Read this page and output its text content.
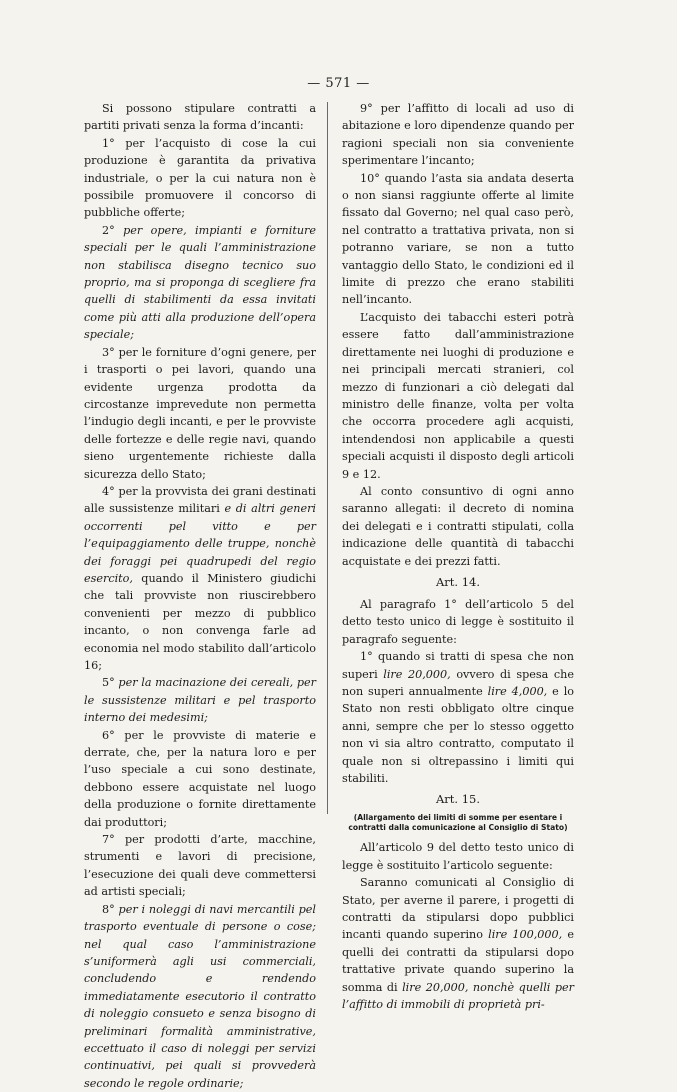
— 571 —

Si possono stipulare contratti a partiti privati senza la forma d’incanti:

1° per l’acquisto di cose la cui produzione è garantita da privativa industriale, o per la cui natura non è possibile promuovere il concorso di pubbliche offerte;

2° per opere, impianti e forniture speciali per le quali l’amministrazione non stabilisca disegno tecnico suo proprio, ma si proponga di scegliere fra quelli di stabilimenti da essa invitati come più atti alla produzione dell’opera speciale;

3° per le forniture d’ogni genere, per i trasporti o pei lavori, quando una evidente urgenza prodotta da circostanze imprevedute non permetta l’indugio degli incanti, e per le provviste delle fortezze e delle regie navi, quando sieno urgentemente richieste dalla sicurezza dello Stato;

4° per la provvista dei grani destinati alle sussistenze militari e di altri generi occorrenti pel vitto e per l’equipaggiamento delle truppe, nonchè dei foraggi pei quadrupedi del regio esercito, quando il Ministero giudichi che tali provviste non riuscirebbero convenienti per mezzo di pubblico incanto, o non convenga farle ad economia nel modo stabilito dall’articolo 16;

5° per la macinazione dei cereali, per le sussistenze militari e pel trasporto interno dei medesimi;

6° per le provviste di materie e derrate, che, per la natura loro e per l’uso speciale a cui sono destinate, debbono essere acquistate nel luogo della produzione o fornite direttamente dai produttori;

7° per prodotti d’arte, macchine, strumenti e lavori di precisione, l’esecuzione dei quali deve commettersi ad artisti speciali;

8° per i noleggi di navi mercantili pel trasporto eventuale di persone o cose; nel qual caso l’amministrazione s’uniformerà agli usi commerciali, concludendo e rendendo immediatamente esecutorio il contratto di noleggio consueto e senza bisogno di preliminari formalità amministrative, eccettuato il caso di noleggi per servizi continuativi, pei quali si provvederà secondo le regole ordinarie;

9° per l’affitto di locali ad uso di abitazione e loro dipendenze quando per ragioni speciali non sia conveniente sperimentare l’incanto;

10° quando l’asta sia andata deserta o non siansi raggiunte offerte al limite fissato dal Governo; nel qual caso però, nel contratto a trattativa privata, non si potranno variare, se non a tutto vantaggio dello Stato, le condizioni ed il limite di prezzo che erano stabiliti nell’incanto.

L’acquisto dei tabacchi esteri potrà essere fatto dall’amministrazione direttamente nei luoghi di produzione e nei principali mercati stranieri, col mezzo di funzionari a ciò delegati dal ministro delle finanze, volta per volta che occorra procedere agli acquisti, intendendosi non applicabile a questi speciali acquisti il disposto degli articoli 9 e 12.

Al conto consuntivo di ogni anno saranno allegati: il decreto di nomina dei delegati e i contratti stipulati, colla indicazione delle quantità di tabacchi acquistate e dei prezzi fatti.

Art. 14.

Al paragrafo 1° dell’articolo 5 del detto testo unico di legge è sostituito il paragrafo seguente:

1° quando si tratti di spesa che non superi lire 20,000, ovvero di spesa che non superi annualmente lire 4,000, e lo Stato non resti obbligato oltre cinque anni, sempre che per lo stesso oggetto non vi sia altro contratto, computato il quale non si oltrepassino i limiti qui stabiliti.

Art. 15.
(Allargamento dei limiti di somme per esentare i contratti dalla comunicazione al Consiglio di Stato)

All’articolo 9 del detto testo unico di legge è sostituito l’articolo seguente:

Saranno comunicati al Consiglio di Stato, per averne il parere, i progetti di contratti da stipularsi dopo pubblici incanti quando superino lire 100,000, e quelli dei contratti da stipularsi dopo trattative private quando superino la somma di lire 20,000, nonchè quelli per l’affitto di immobili di proprietà pri-
